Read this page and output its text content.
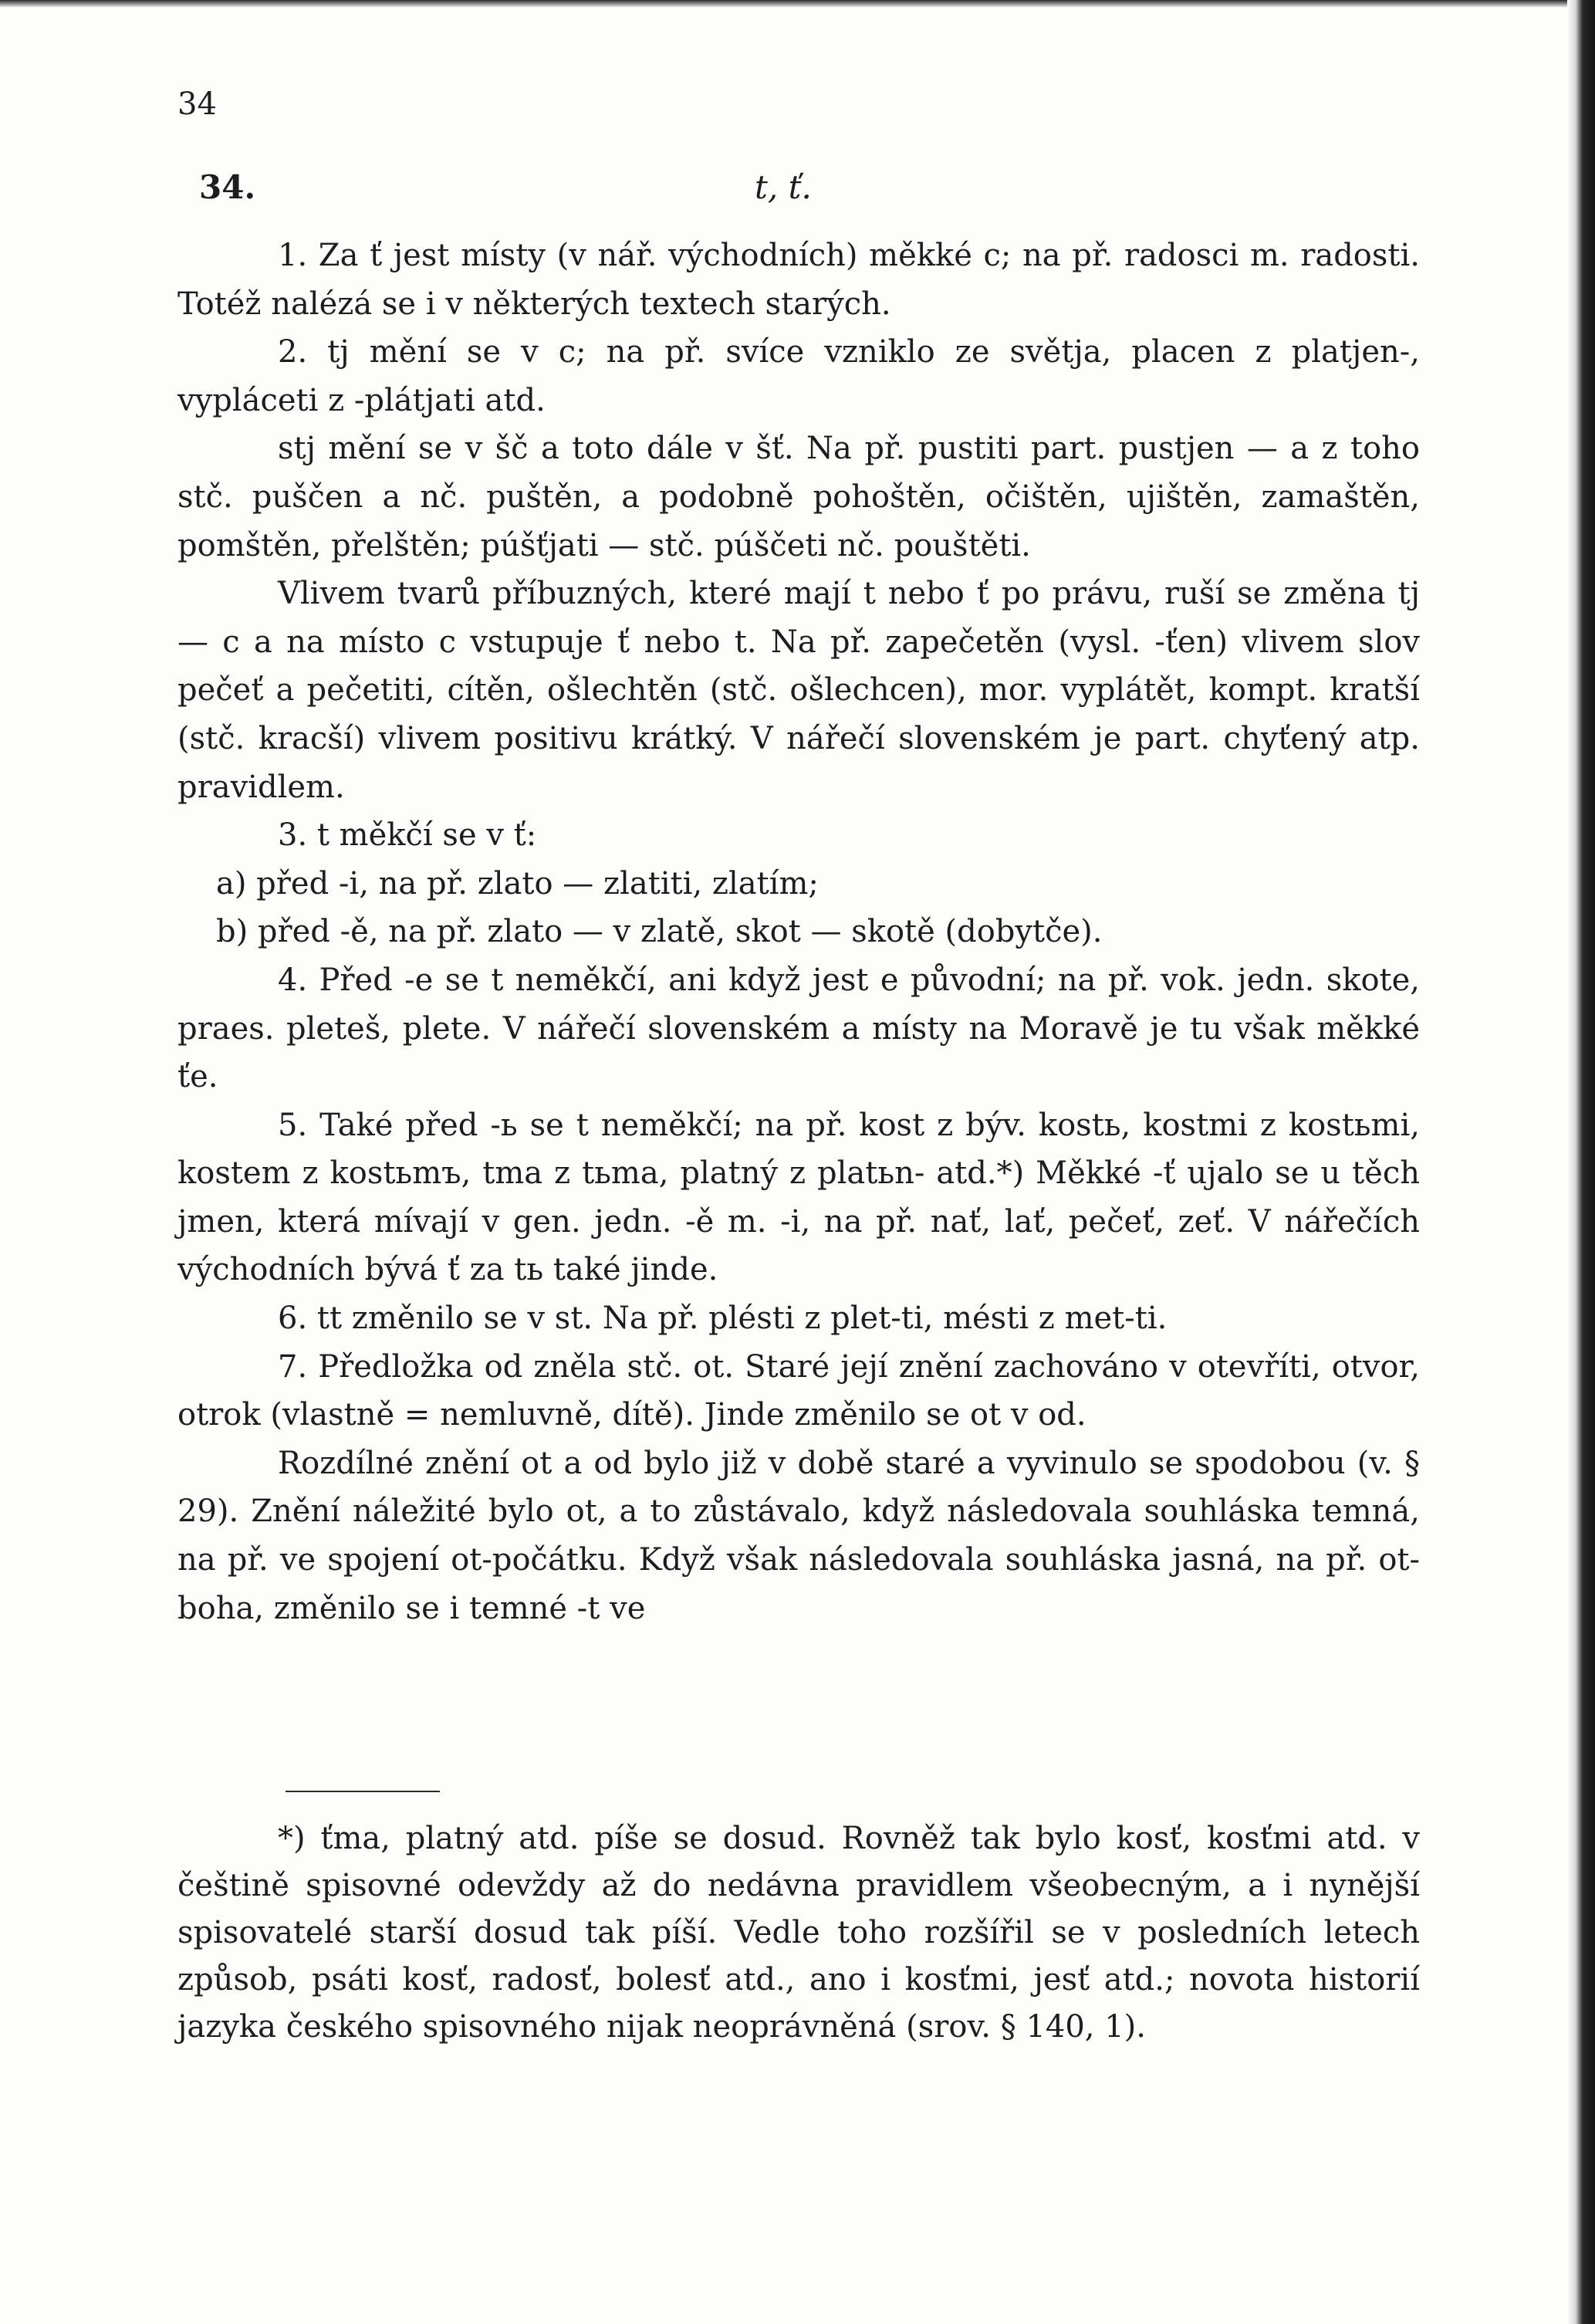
34
34.	t, ť.

1. Za ť jest místy (v nář. východních) měkké c; na př. radosci m. radosti. Totéž nalézá se i v některých textech starých.

2. tj mění se v c; na př. svíce vzniklo ze světja, placen z platjen-, vypláceti z -plátjati atd.

stj mění se v šč a toto dále v šť. Na př. pustiti part. pustjen — a z toho stč. puščen a nč. puštěn, a podobně pohoštěn, očištěn, ujištěn, zamaštěn, pomštěn, přelštěn; púšťjati — stč. púščeti nč. pouštěti.

Vlivem tvarů příbuzných, které mají t nebo ť po právu, ruší se změna tj — c a na místo c vstupuje ť nebo t. Na př. zapečetěn (vysl. -ťen) vlivem slov pečeť a pečetiti, cítěn, ošlechtěn (stč. ošlechcen), mor. vyplátět, kompt. kratší (stč. kracší) vlivem positivu krátký. V nářečí slovenském je part. chyťený atp. pravidlem.

3. t měkčí se v ť:

a) před -i, na př. zlato — zlatiti, zlatím;

b) před -ě, na př. zlato — v zlatě, skot — skotě (dobytče).

4. Před -e se t neměkčí, ani když jest e původní; na př. vok. jedn. skote, praes. pleteš, plete. V nářečí slovenském a místy na Moravě je tu však měkké ťe.

5. Také před -ь se t neměkčí; na př. kost z býv. kostь, kostmi z kostьmi, kostem z kostьmъ, tma z tьma, platný z platьn- atd.*) Měkké -ť ujalo se u těch jmen, která mívají v gen. jedn. -ě m. -i, na př. nať, lať, pečeť, zeť. V nářečích východních bývá ť za tь také jinde.

6. tt změnilo se v st. Na př. plésti z plet-ti, mésti z met-ti.

7. Předložka od zněla stč. ot. Staré její znění zachováno v otevříti, otvor, otrok (vlastně = nemluvně, dítě). Jinde změnilo se ot v od.

Rozdílné znění ot a od bylo již v době staré a vyvinulo se spodobou (v. § 29). Znění náležité bylo ot, a to zůstávalo, když následovala souhláska temná, na př. ve spojení ot-počátku. Když však následovala souhláska jasná, na př. ot-boha, změnilo se i temné -t ve

*) ťma, platný atd. píše se dosud. Rovněž tak bylo kosť, kosťmi atd. v češtině spisovné odevždy až do nedávna pravidlem všeobecným, a i nynější spisovatelé starší dosud tak píší. Vedle toho rozšířil se v posledních letech způsob, psáti kosť, radosť, bolesť atd., ano i kosťmi, jesť atd.; novota historií jazyka českého spisovného nijak neoprávněná (srov. § 140, 1).
